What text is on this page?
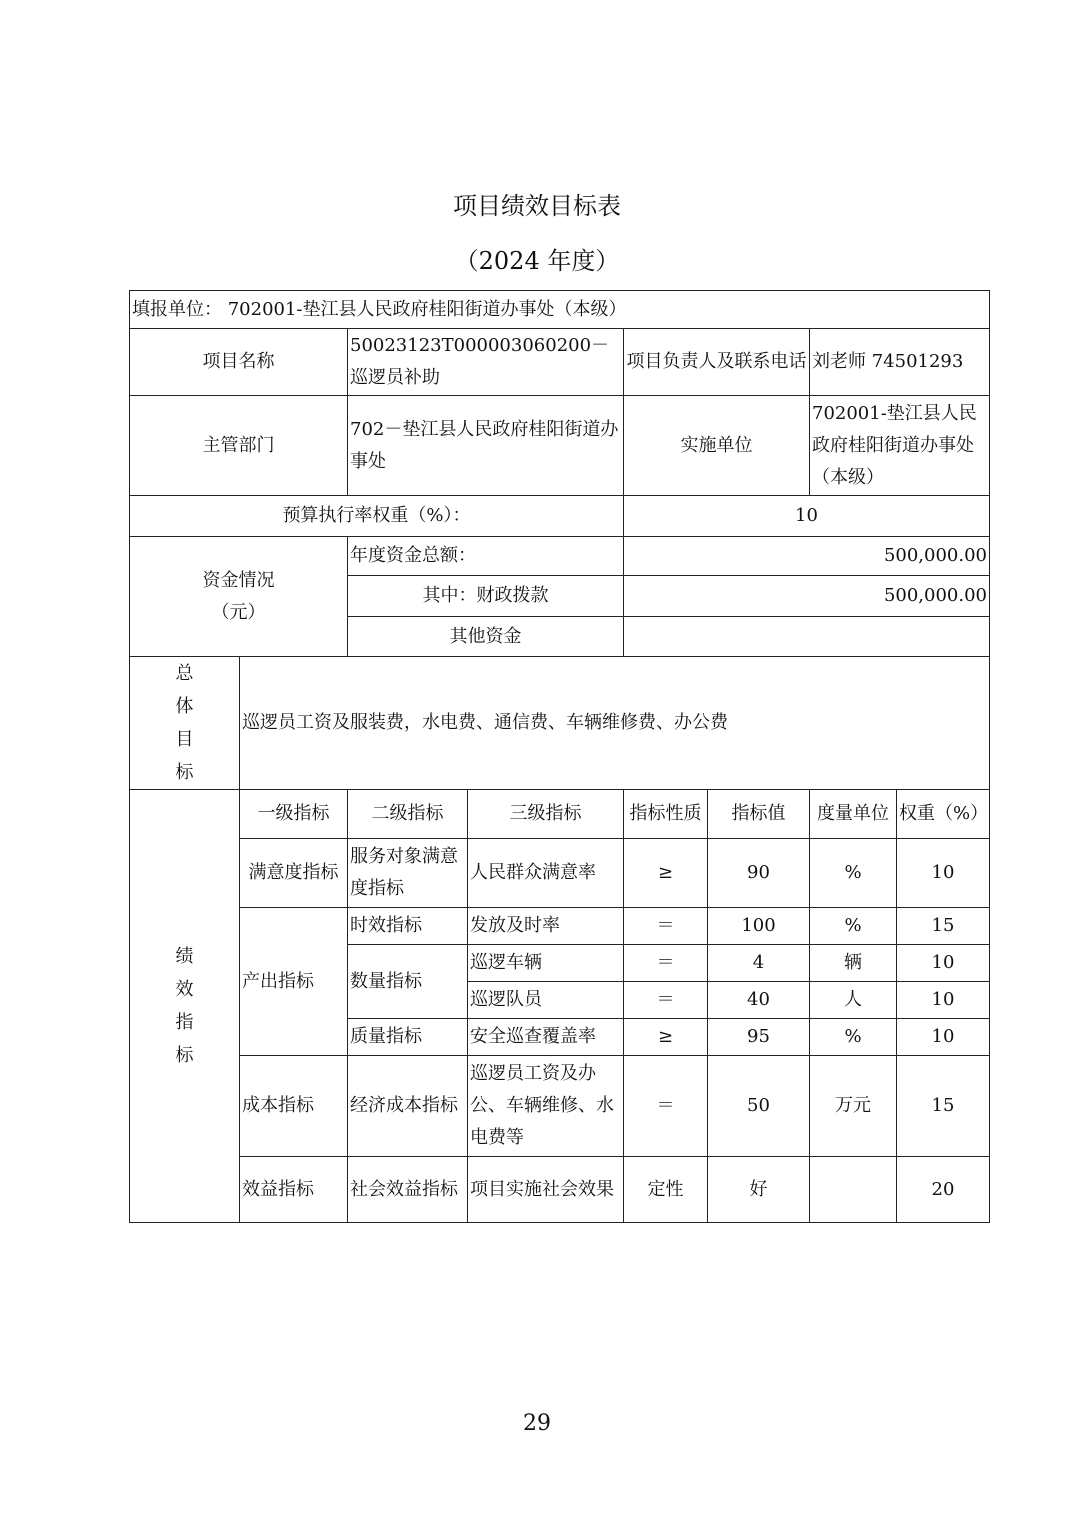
项目绩效目标表
（2024 年度）
填报单位： 702001-垫江县人民政府桂阳街道办事处（本级）							
项目名称		50023123T000003060200－巡逻员补助		项目负责人及联系电话		刘老师 74501293	
主管部门		702－垫江县人民政府桂阳街道办事处		实施单位		702001-垫江县人民政府桂阳街道办事处（本级）	
预算执行率权重（%）：				10			

资金情况
（元）		年度资金总额：		500,000.00			
		其中：财政拨款		500,000.00			
		其他资金					

总
体
目
标	巡逻员工资及服装费，水电费、通信费、车辆维修费、办公费						

绩
效
指
标	一级指标	二级指标	三级指标	指标性质	指标值	度量单位	权重（%）
	满意度指标	服务对象满意度指标	人民群众满意率	≥	90	%	10
	产出指标	时效指标	发放及时率	＝	100	%	15
		数量指标	巡逻车辆	＝	4	辆	10
			巡逻队员	＝	40	人	10
		质量指标	安全巡查覆盖率	≥	95	%	10
	成本指标	经济成本指标	巡逻员工资及办公、车辆维修、水电费等	＝	50	万元	15
	效益指标	社会效益指标	项目实施社会效果	定性	好		20
29
